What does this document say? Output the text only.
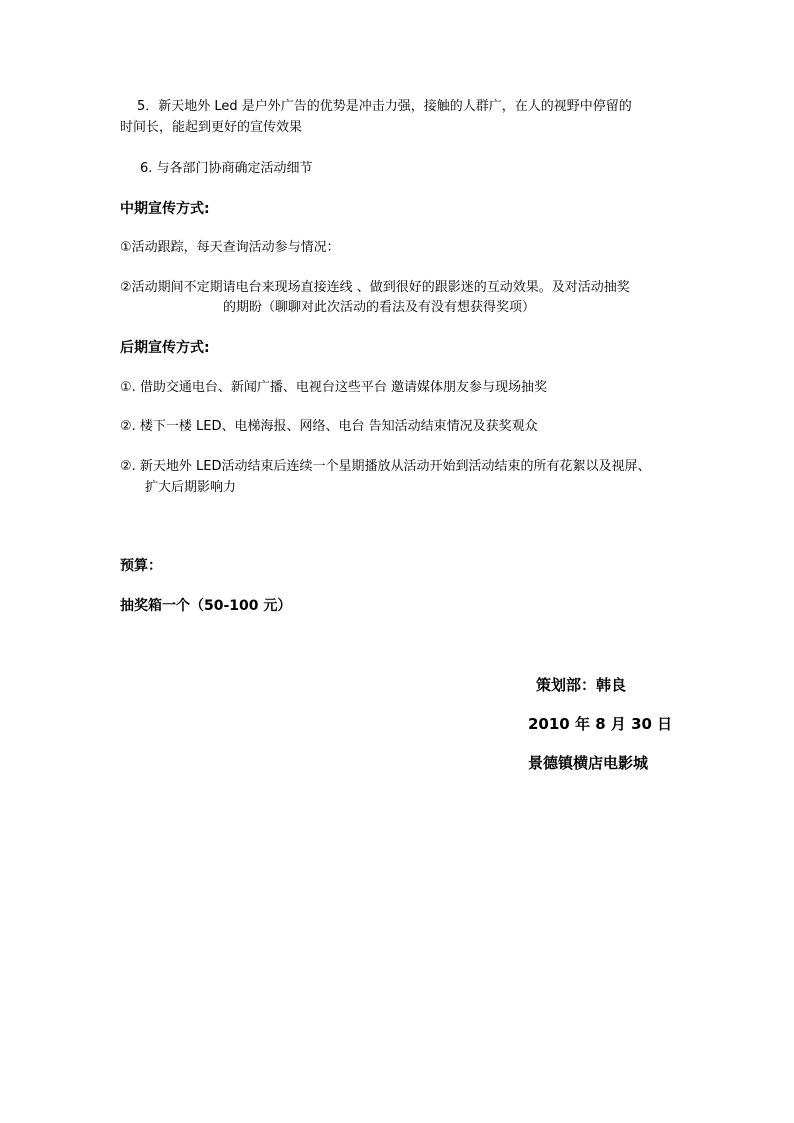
5．新天地外 Led 是户外广告的优势是冲击力强，接触的人群广，在人的视野中停留的
时间长，能起到更好的宣传效果
6. 与各部门协商确定活动细节
中期宣传方式:
①活动跟踪，每天查询活动参与情况：
②活动期间不定期请电台来现场直接连线 、做到很好的跟影迷的互动效果。及对活动抽奖
的期盼（聊聊对此次活动的看法及有没有想获得奖项）
后期宣传方式:
①. 借助交通电台、新闻广播、电视台这些平台 邀请媒体朋友参与现场抽奖
②. 楼下一楼 LED、电梯海报、网络、电台 告知活动结束情况及获奖观众
②. 新天地外 LED活动结束后连续一个星期播放从活动开始到活动结束的所有花絮以及视屏、
扩大后期影响力
预算：
抽奖箱一个（50-100 元）
策划部：韩良
2010 年 8 月 30 日
景德镇横店电影城
